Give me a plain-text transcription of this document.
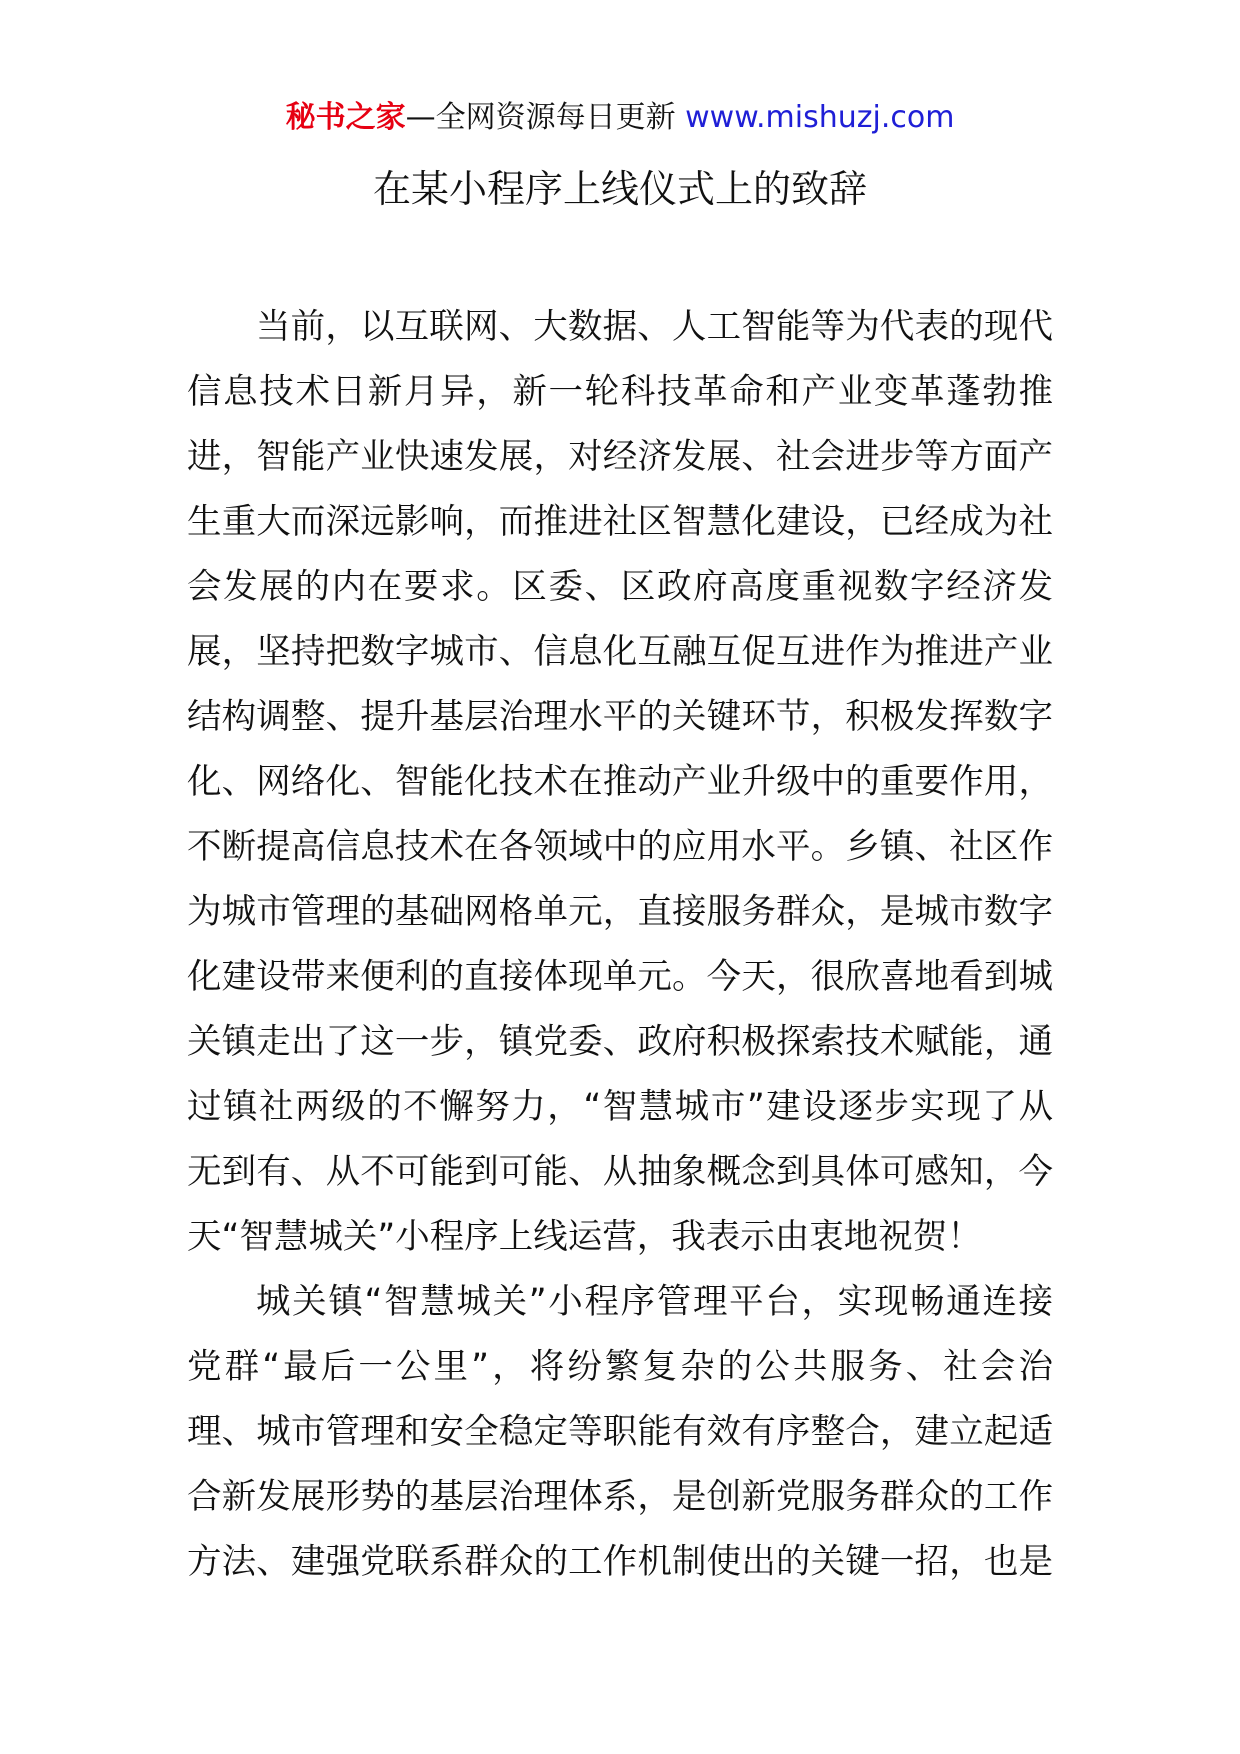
秘书之家—全网资源每日更新 www.mishuzj.com
在某小程序上线仪式上的致辞
当前，以互联网、大数据、人工智能等为代表的现代
信息技术日新月异，新一轮科技革命和产业变革蓬勃推
进，智能产业快速发展，对经济发展、社会进步等方面产
生重大而深远影响，而推进社区智慧化建设，已经成为社
会发展的内在要求。区委、区政府高度重视数字经济发
展，坚持把数字城市、信息化互融互促互进作为推进产业
结构调整、提升基层治理水平的关键环节，积极发挥数字
化、网络化、智能化技术在推动产业升级中的重要作用，
不断提高信息技术在各领域中的应用水平。乡镇、社区作
为城市管理的基础网格单元，直接服务群众，是城市数字
化建设带来便利的直接体现单元。今天，很欣喜地看到城
关镇走出了这一步，镇党委、政府积极探索技术赋能，通
过镇社两级的不懈努力，“智慧城市”建设逐步实现了从
无到有、从不可能到可能、从抽象概念到具体可感知，今
天“智慧城关”小程序上线运营，我表示由衷地祝贺！
城关镇“智慧城关”小程序管理平台，实现畅通连接
党群“最后一公里”，将纷繁复杂的公共服务、社会治
理、城市管理和安全稳定等职能有效有序整合，建立起适
合新发展形势的基层治理体系，是创新党服务群众的工作
方法、建强党联系群众的工作机制使出的关键一招，也是
